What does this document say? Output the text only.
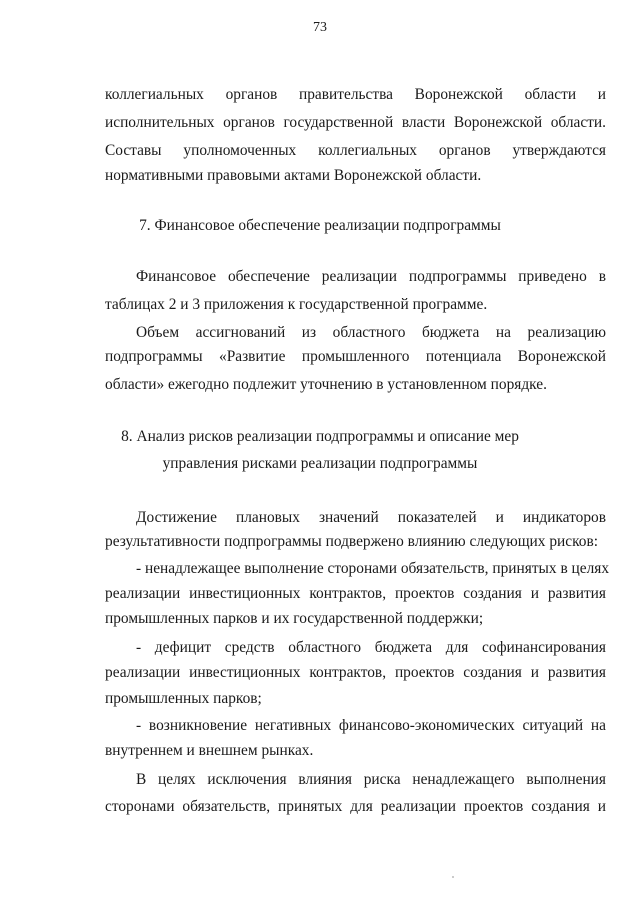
73
коллегиальных органов правительства Воронежской области и
исполнительных органов государственной власти Воронежской области.
Составы уполномоченных коллегиальных органов утверждаются
нормативными правовыми актами Воронежской области.
7. Финансовое обеспечение реализации подпрограммы
Финансовое обеспечение реализации подпрограммы приведено в
таблицах 2 и 3 приложения к государственной программе.
Объем ассигнований из областного бюджета на реализацию
подпрограммы «Развитие промышленного потенциала Воронежской
области» ежегодно подлежит уточнению в установленном порядке.
8. Анализ рисков реализации подпрограммы и описание мер
управления рисками реализации подпрограммы
Достижение плановых значений показателей и индикаторов
результативности подпрограммы подвержено влиянию следующих рисков:
- ненадлежащее выполнение сторонами обязательств, принятых в целях
реализации инвестиционных контрактов, проектов создания и развития
промышленных парков и их государственной поддержки;
- дефицит средств областного бюджета для софинансирования
реализации инвестиционных контрактов, проектов создания и развития
промышленных парков;
- возникновение негативных финансово-экономических ситуаций на
внутреннем и внешнем рынках.
В целях исключения влияния риска ненадлежащего выполнения
сторонами обязательств, принятых для реализации проектов создания и
